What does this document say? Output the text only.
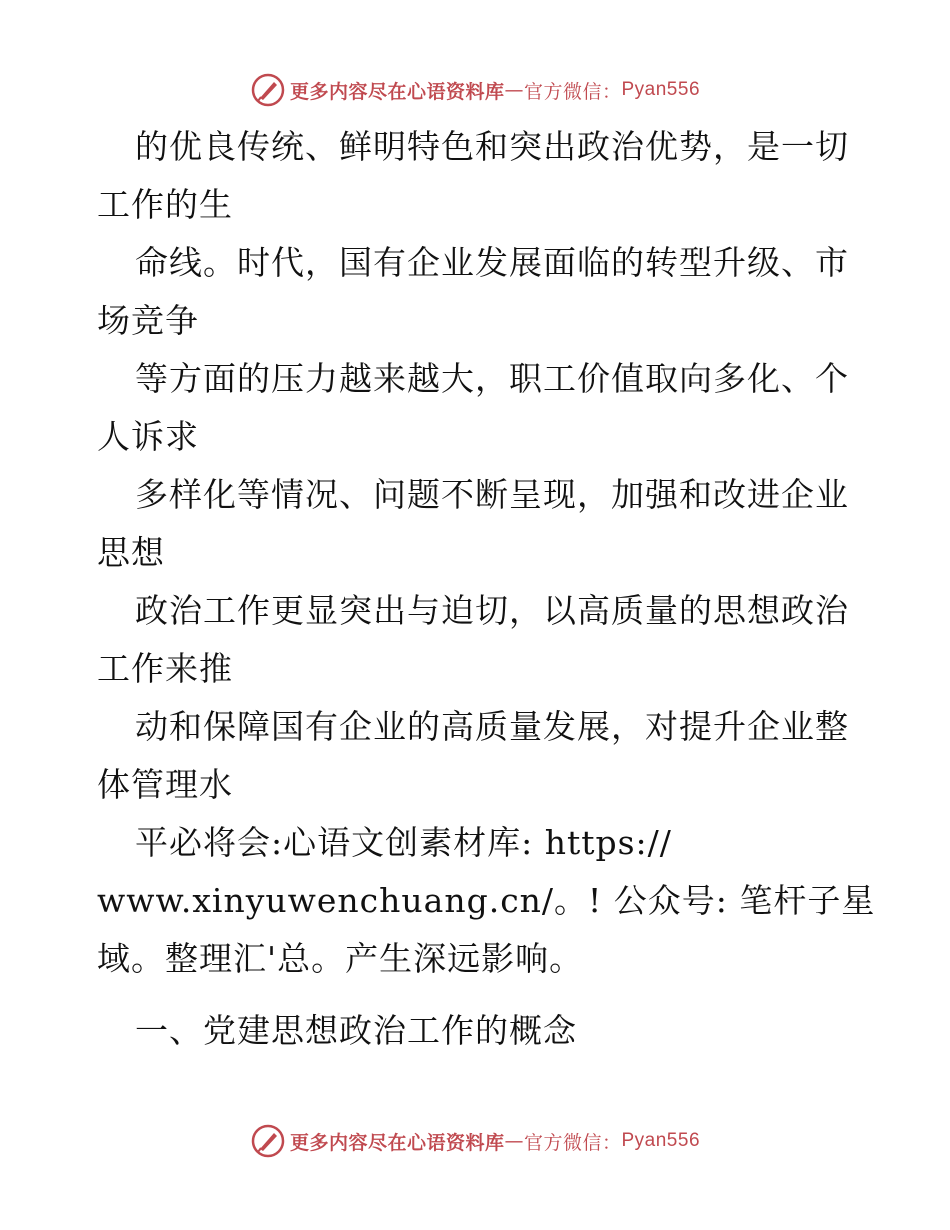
更多内容尽在心语资料库 — 官方微信： Pyan556
的优良传统、鲜明特色和突出政治优势，是一切
工作的生
命线。时代，国有企业发展面临的转型升级、市
场竞争
等方面的压力越来越大，职工价值取向多化、个
人诉求
多样化等情况、问题不断呈现，加强和改进企业
思想
政治工作更显突出与迫切，以高质量的思想政治
工作来推
动和保障国有企业的高质量发展，对提升企业整
体管理水
平必将会:心语文创素材库: https://
www.xinyuwenchuang.cn/。! 公众号: 笔杆子星
域。整理汇'总。产生深远影响。
一、党建思想政治工作的概念
更多内容尽在心语资料库 — 官方微信： Pyan556
